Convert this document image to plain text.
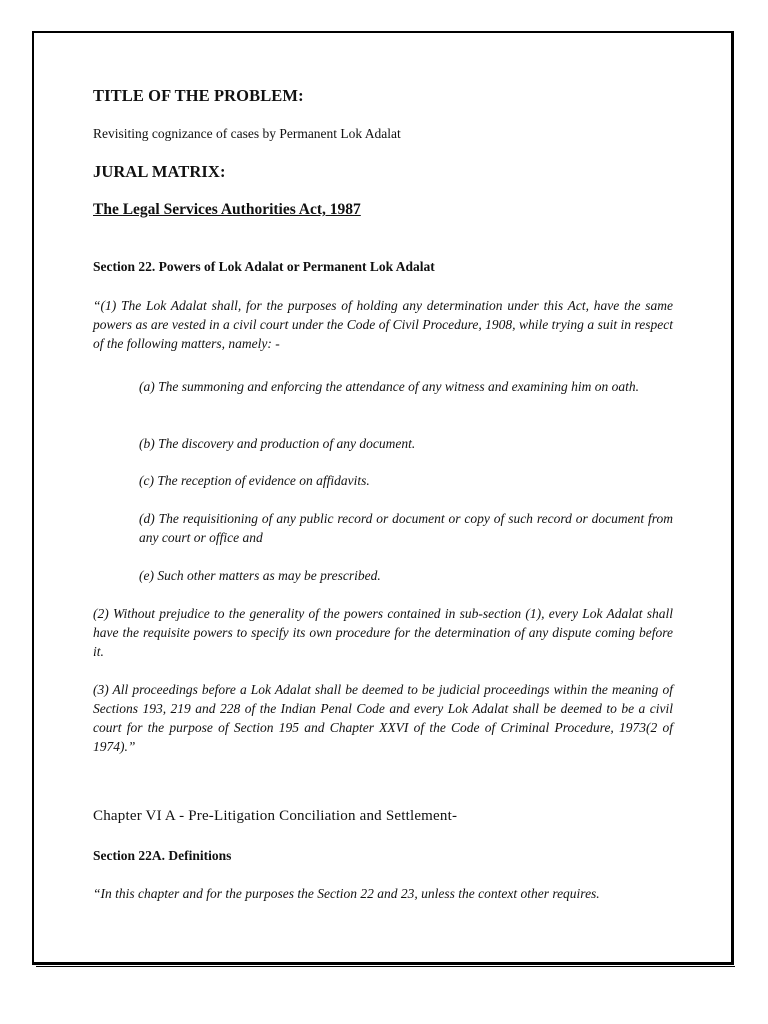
TITLE OF THE PROBLEM:

Revisiting cognizance of cases by Permanent Lok Adalat

JURAL MATRIX:

The Legal Services Authorities Act, 1987

Section 22. Powers of Lok Adalat or Permanent Lok Adalat

“(1) The Lok Adalat shall, for the purposes of holding any determination under this Act, have the same powers as are vested in a civil court under the Code of Civil Procedure, 1908, while trying a suit in respect of the following matters, namely: -

(a) The summoning and enforcing the attendance of any witness and examining him on oath.

(b) The discovery and production of any document.

(c) The reception of evidence on affidavits.

(d) The requisitioning of any public record or document or copy of such record or document from any court or office and

(e) Such other matters as may be prescribed.

(2) Without prejudice to the generality of the powers contained in sub-section (1), every Lok Adalat shall have the requisite powers to specify its own procedure for the determination of any dispute coming before it.

(3) All proceedings before a Lok Adalat shall be deemed to be judicial proceedings within the meaning of Sections 193, 219 and 228 of the Indian Penal Code and every Lok Adalat shall be deemed to be a civil court for the purpose of Section 195 and Chapter XXVI of the Code of Criminal Procedure, 1973(2 of 1974).”

Chapter VI A - Pre-Litigation Conciliation and Settlement-

Section 22A. Definitions

“In this chapter and for the purposes the Section 22 and 23, unless the context other requires.
